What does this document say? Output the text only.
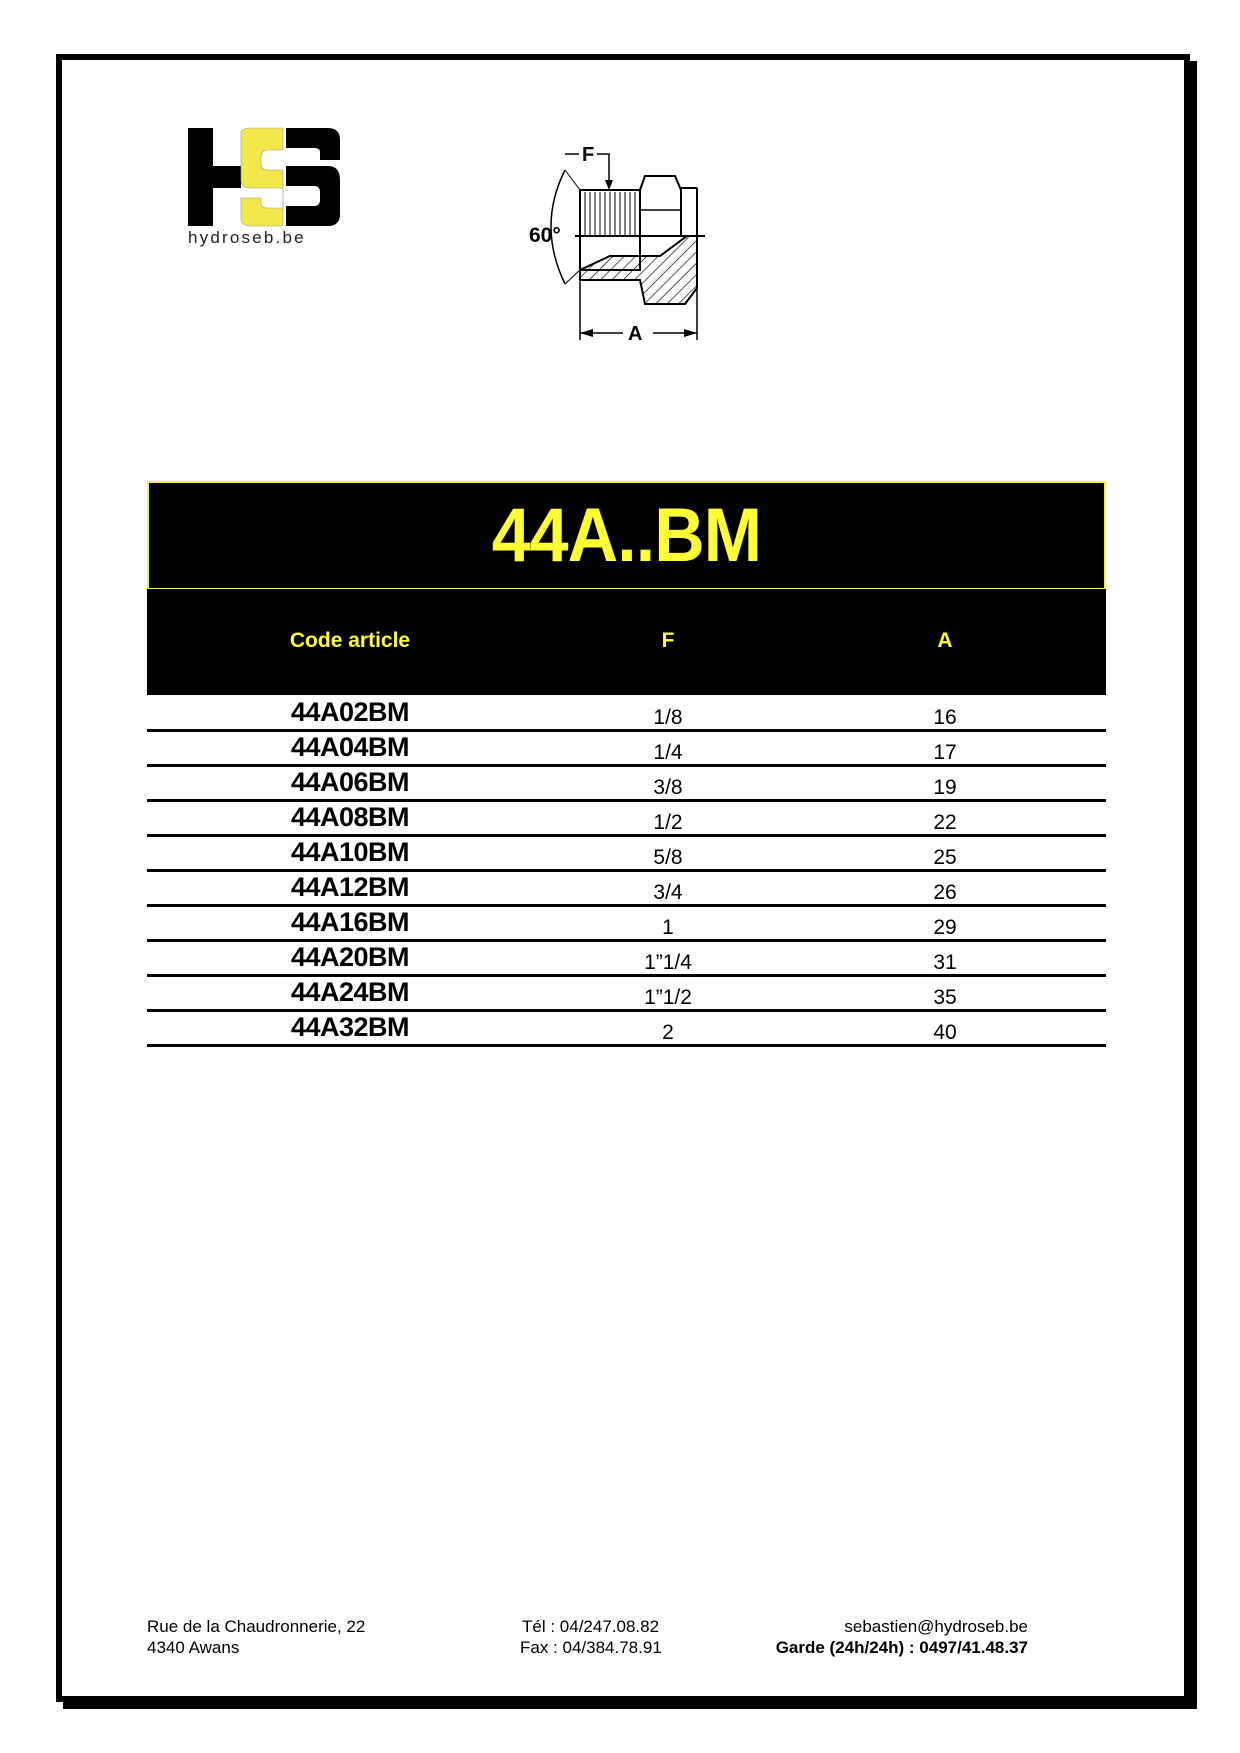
hydroseb.be
F
60°
A
44A..BM
Code article	F	A
44A02BM	1/8	16
44A04BM	1/4	17
44A06BM	3/8	19
44A08BM	1/2	22
44A10BM	5/8	25
44A12BM	3/4	26
44A16BM	1	29
44A20BM	1”1/4	31
44A24BM	1”1/2	35
44A32BM	2	40
Rue de la Chaudronnerie, 22
4340 Awans
Tél : 04/247.08.82
Fax : 04/384.78.91
sebastien@hydroseb.be
Garde (24h/24h) : 0497/41.48.37
